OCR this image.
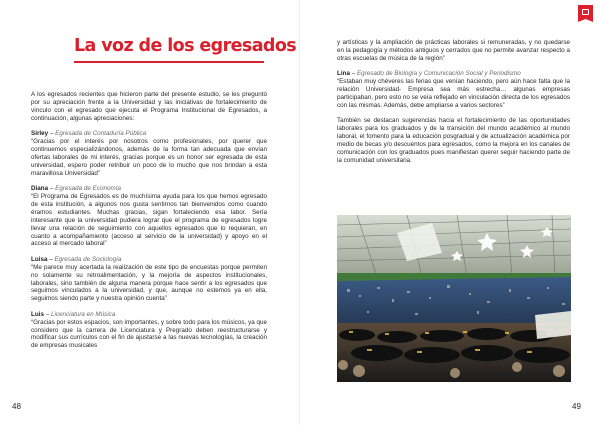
La voz de los egresados
A los egresados recientes que hicieron parte del presente estudio, se les preguntó por su apreciación frente a la Universidad y las iniciativas de fortalecimiento de vínculo con el egresado que ejecuta el Programa Institucional de Egresados, a continuación, algunas apreciaciones:
Sirley – Egresada de Contaduría Pública
“Gracias por el interés por nosotros como profesionales, por querer que continuemos especializándonos, además de la forma tan adecuada que envían ofertas laborales de mi interés, gracias porque es un honor ser egresada de esta universidad, espero poder retribuir un poco de lo mucho que nos brindan a esta maravillosa Universidad”
Diana – Egresada de Economía
“El Programa de Egresados es de muchísima ayuda para los que hemos egresado de esta institución, a algunos nos gusta sentirnos tan bienvenidos como cuando éramos estudiantes. Muchas gracias, sigan fortaleciendo esa labor. Sería interesante que la universidad pudiera lograr que el programa de egresados logre llevar una relación de seguimiento con aquellos egresados que lo requieran, en cuanto a acompañamiento (acceso al servicio de la universidad) y apoyo en el acceso al mercado laboral”
Luisa – Egresada de Sociología
“Me parece muy acertada la realización de este tipo de encuestas porque permiten no solamente su retroalimentación, y la mejoría de aspectos institucionales, laborales, sino también de alguna manera porque hace sentir a los egresados que seguimos vinculados a la universidad, y que, aunque no estemos ya en ella, seguimos siendo parte y nuestra opinión cuenta”
Luis – Licenciatura en Música
“Gracias por estos espacios, son importantes, y sobre todo para los músicos, ya que considero que la carrera de Licenciatura y Pregrado deben reestructurarse y modificar sus currículos con el fin de ajustarse a las nuevas tecnologías, la creación de empresas musicales
48
y artísticas y la ampliación de prácticas laborales si remuneradas, y no quedarse en la pedagogía y métodos antiguos y cerrados que no permite avanzar respecto a otras escuelas de música de la región”
Lina – Egresado de Biología y Comunicación Social y Periodismo
“Estaban muy chéveres las ferias que venían haciendo, pero aún hace falta que la relación Universidad- Empresa sea más estrecha… algunas empresas participaban, pero esto no se veía reflejado en vinculación directa de los egresados con las mismas. Además, debe ampliarse a varios sectores”
También se destacan sugerencias hacia el fortalecimiento de las oportunidades laborales para los graduados y de la transición del mundo académico al mundo laboral, el fomento para la educación posgradual y de actualización académica por medio de becas y/o descuentos para egresados, como la mejora en los canales de comunicación con los graduados pues manifiestan querer seguir haciendo parte de la comunidad universitaria.
49
